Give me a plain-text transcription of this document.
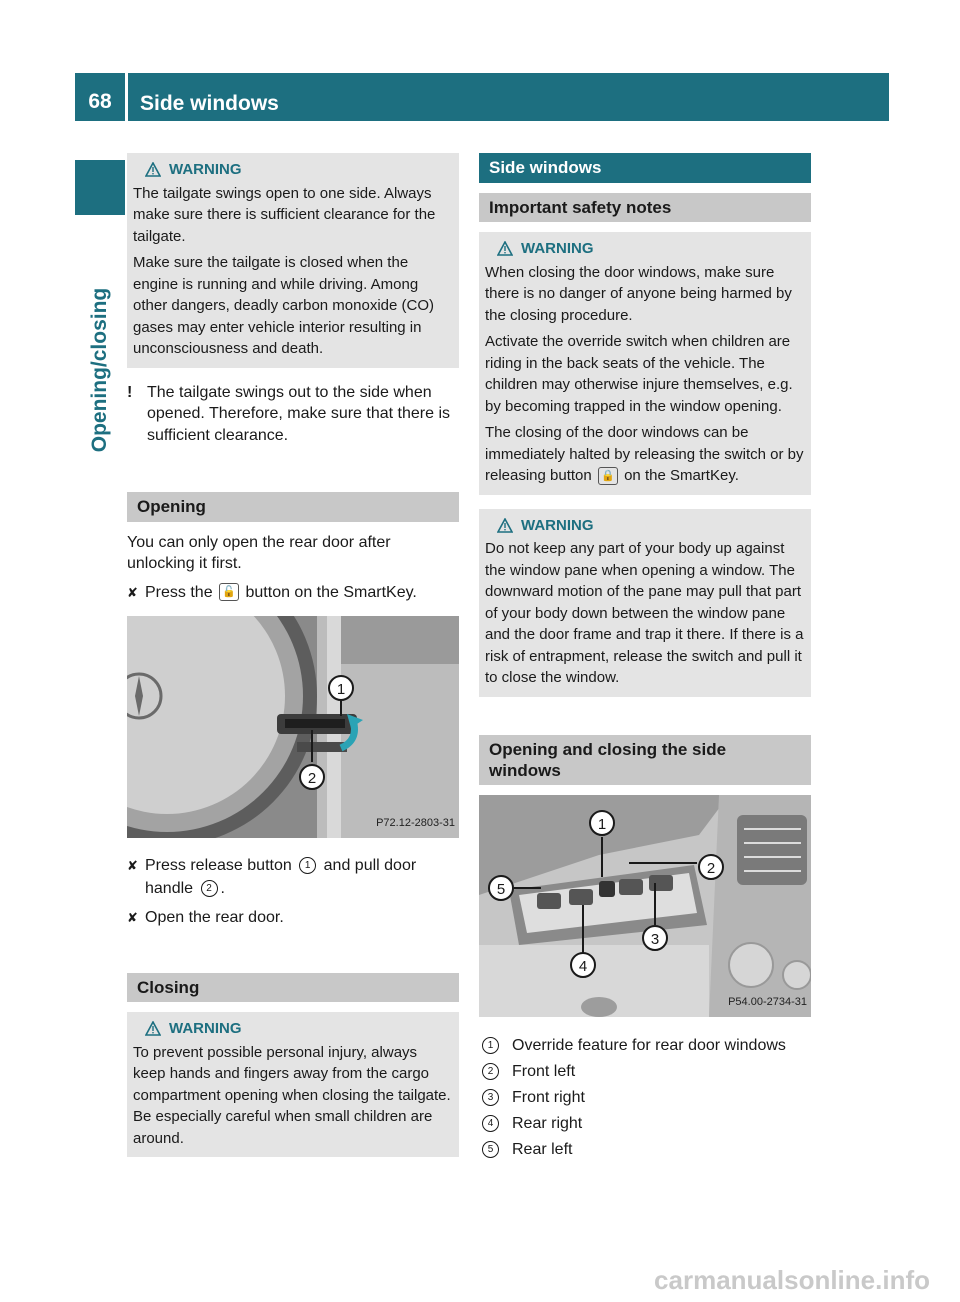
68	Side windows
Opening/closing
WARNING

The tailgate swings open to one side. Always make sure there is sufficient clearance for the tailgate.

Make sure the tailgate is closed when the engine is running and while driving. Among other dangers, deadly carbon monoxide (CO) gases may enter vehicle interior resulting in unconsciousness and death.

! The tailgate swings out to the side when opened. Therefore, make sure that there is sufficient clearance.
Opening

You can only open the rear door after unlocking it first.

✘ Press the 🔓 button on the SmartKey.
1
2
P72.12-2803-31
✘ Press release button 1 and pull door handle 2 .
✘ Open the rear door.
Closing
WARNING

To prevent possible personal injury, always keep hands and fingers away from the cargo compartment opening when closing the tailgate. Be especially careful when small children are around.

Side windows
Important safety notes
WARNING

When closing the door windows, make sure there is no danger of anyone being harmed by the closing procedure.

Activate the override switch when children are riding in the back seats of the vehicle. The children may otherwise injure themselves, e.g. by becoming trapped in the window opening.

The closing of the door windows can be immediately halted by releasing the switch or by releasing button 🔒 on the SmartKey.

WARNING

Do not keep any part of your body up against the window pane when opening a window. The downward motion of the pane may pull that part of your body down between the window pane and the door frame and trap it there. If there is a risk of entrapment, release the switch and pull it to close the window.

Opening and closing the side windows
1
2
3
4
5
P54.00-2734-31
1	Override feature for rear door windows
2	Front left
3	Front right
4	Rear right
5	Rear left
carmanualsonline.info
